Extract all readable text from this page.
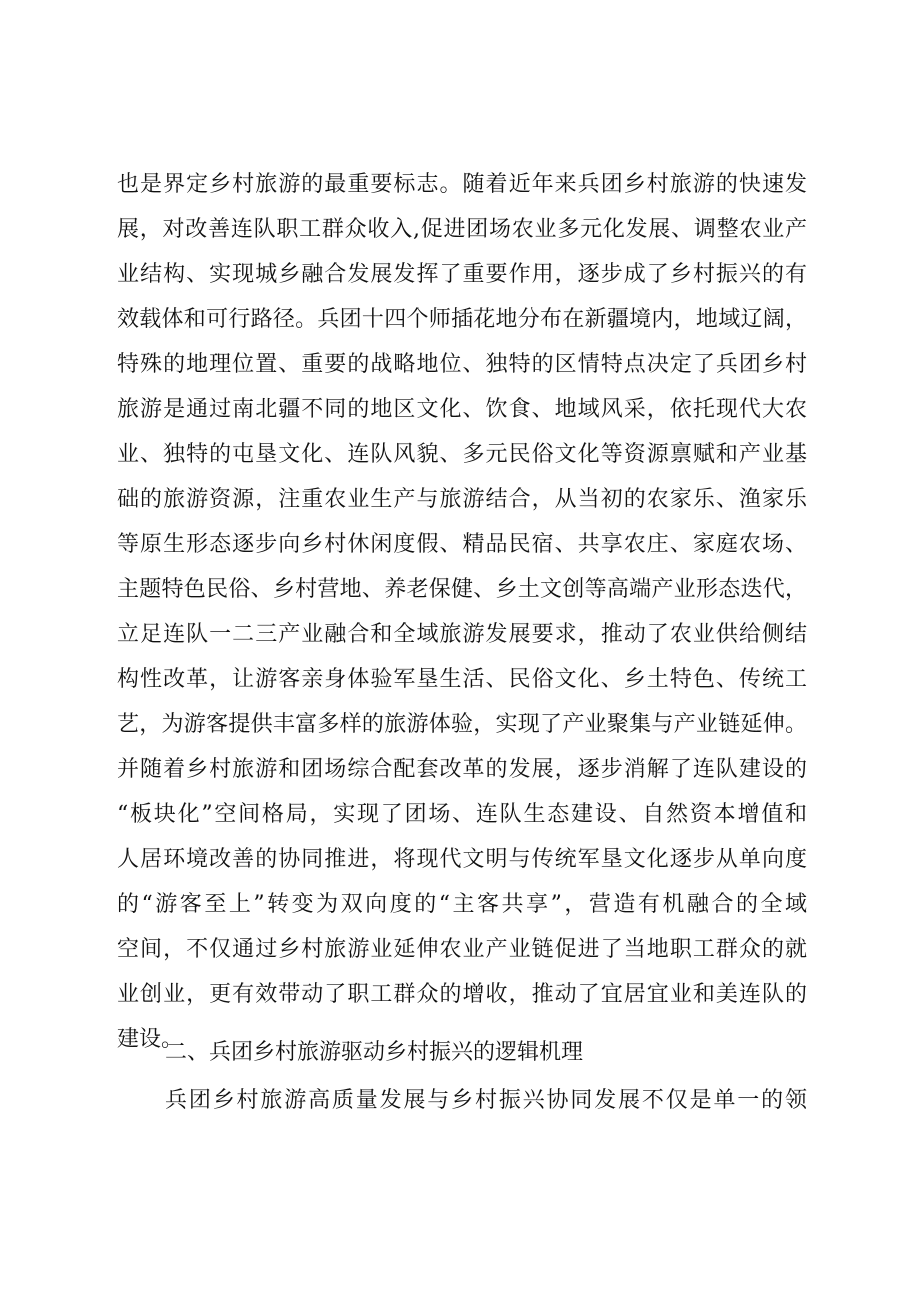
也是界定乡村旅游的最重要标志。随着近年来兵团乡村旅游的快速发
展，对改善连队职工群众收入,促进团场农业多元化发展、调整农业产
业结构、实现城乡融合发展发挥了重要作用，逐步成了乡村振兴的有
效载体和可行路径。兵团十四个师插花地分布在新疆境内，地域辽阔，
特殊的地理位置、重要的战略地位、独特的区情特点决定了兵团乡村
旅游是通过南北疆不同的地区文化、饮食、地域风采，依托现代大农
业、独特的屯垦文化、连队风貌、多元民俗文化等资源禀赋和产业基
础的旅游资源，注重农业生产与旅游结合，从当初的农家乐、渔家乐
等原生形态逐步向乡村休闲度假、精品民宿、共享农庄、家庭农场、
主题特色民俗、乡村营地、养老保健、乡土文创等高端产业形态迭代，
立足连队一二三产业融合和全域旅游发展要求，推动了农业供给侧结
构性改革，让游客亲身体验军垦生活、民俗文化、乡土特色、传统工
艺，为游客提供丰富多样的旅游体验，实现了产业聚集与产业链延伸。
并随着乡村旅游和团场综合配套改革的发展，逐步消解了连队建设的
“板块化”空间格局，实现了团场、连队生态建设、自然资本增值和
人居环境改善的协同推进，将现代文明与传统军垦文化逐步从单向度
的“游客至上”转变为双向度的“主客共享”，营造有机融合的全域
空间，不仅通过乡村旅游业延伸农业产业链促进了当地职工群众的就
业创业，更有效带动了职工群众的增收，推动了宜居宜业和美连队的
建设。
二、兵团乡村旅游驱动乡村振兴的逻辑机理
兵团乡村旅游高质量发展与乡村振兴协同发展不仅是单一的领
